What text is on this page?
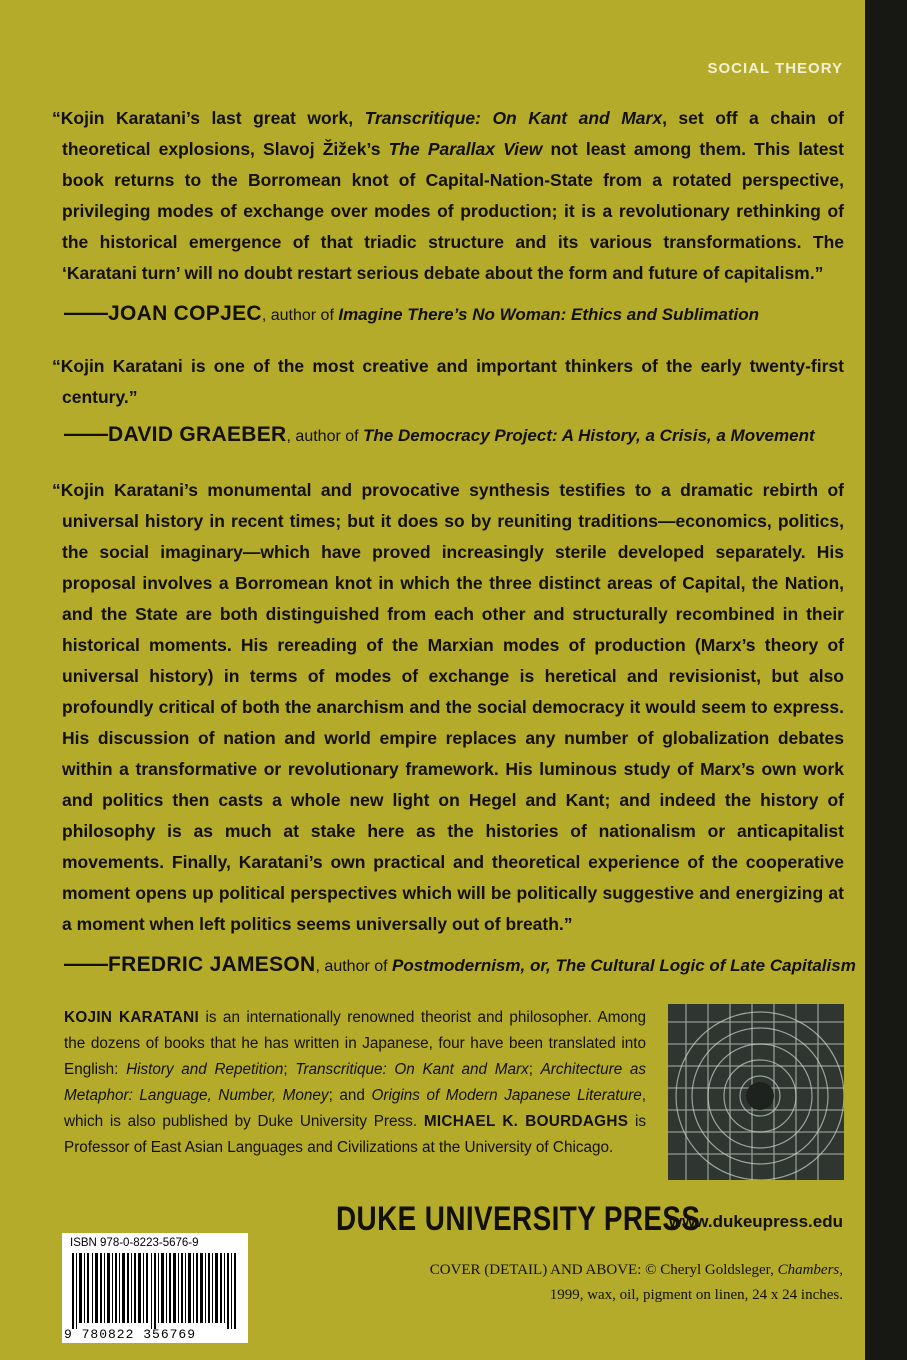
SOCIAL THEORY
“Kojin Karatani’s last great work, Transcritique: On Kant and Marx, set off a chain of theoretical explosions, Slavoj Žižek’s The Parallax View not least among them. This latest book returns to the Borromean knot of Capital-Nation-State from a rotated perspective, privileging modes of exchange over modes of production; it is a revolutionary rethinking of the historical emergence of that triadic structure and its various transformations. The ‘Karatani turn’ will no doubt restart serious debate about the form and future of capitalism.”
——JOAN COPJEC, author of Imagine There’s No Woman: Ethics and Sublimation
“Kojin Karatani is one of the most creative and important thinkers of the early twenty-first century.”
——DAVID GRAEBER, author of The Democracy Project: A History, a Crisis, a Movement
“Kojin Karatani’s monumental and provocative synthesis testifies to a dramatic rebirth of universal history in recent times; but it does so by reuniting traditions—economics, politics, the social imaginary—which have proved increasingly sterile developed separately. His proposal involves a Borromean knot in which the three distinct areas of Capital, the Nation, and the State are both distinguished from each other and structurally recombined in their historical moments. His rereading of the Marxian modes of production (Marx’s theory of universal history) in terms of modes of exchange is heretical and revisionist, but also profoundly critical of both the anarchism and the social democracy it would seem to express. His discussion of nation and world empire replaces any number of globalization debates within a transformative or revolutionary framework. His luminous study of Marx’s own work and politics then casts a whole new light on Hegel and Kant; and indeed the history of philosophy is as much at stake here as the histories of nationalism or anticapitalist movements. Finally, Karatani’s own practical and theoretical experience of the cooperative moment opens up political perspectives which will be politically suggestive and energizing at a moment when left politics seems universally out of breath.”
——FREDRIC JAMESON, author of Postmodernism, or, The Cultural Logic of Late Capitalism
KOJIN KARATANI is an internationally renowned theorist and philosopher. Among the dozens of books that he has written in Japanese, four have been translated into English: History and Repetition; Transcritique: On Kant and Marx; Architecture as Metaphor: Language, Number, Money; and Origins of Modern Japanese Literature, which is also published by Duke University Press. MICHAEL K. BOURDAGHS is Professor of East Asian Languages and Civilizations at the University of Chicago.
ISBN 978-0-8223-5676-9
9 780822 356769
DUKE UNIVERSITY PRESS
www.dukeupress.edu
COVER (DETAIL) AND ABOVE: © Cheryl Goldsleger, Chambers,
1999, wax, oil, pigment on linen, 24 x 24 inches.
